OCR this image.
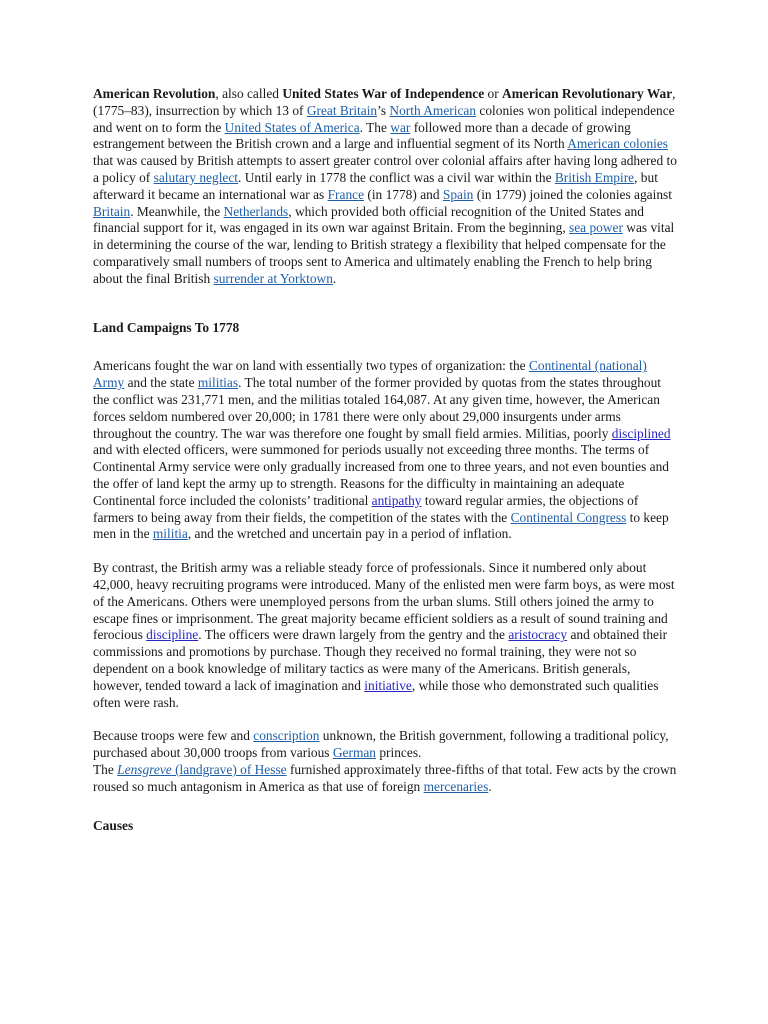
American Revolution, also called United States War of Independence or American Revolutionary War, (1775–83), insurrection by which 13 of Great Britain’s North American colonies won political independence and went on to form the United States of America. The war followed more than a decade of growing estrangement between the British crown and a large and influential segment of its North American colonies that was caused by British attempts to assert greater control over colonial affairs after having long adhered to a policy of salutary neglect. Until early in 1778 the conflict was a civil war within the British Empire, but afterward it became an international war as France (in 1778) and Spain (in 1779) joined the colonies against Britain. Meanwhile, the Netherlands, which provided both official recognition of the United States and financial support for it, was engaged in its own war against Britain. From the beginning, sea power was vital in determining the course of the war, lending to British strategy a flexibility that helped compensate for the comparatively small numbers of troops sent to America and ultimately enabling the French to help bring about the final British surrender at Yorktown.

Land Campaigns To 1778

Americans fought the war on land with essentially two types of organization: the Continental (national) Army and the state militias. The total number of the former provided by quotas from the states throughout the conflict was 231,771 men, and the militias totaled 164,087. At any given time, however, the American forces seldom numbered over 20,000; in 1781 there were only about 29,000 insurgents under arms throughout the country. The war was therefore one fought by small field armies. Militias, poorly disciplined and with elected officers, were summoned for periods usually not exceeding three months. The terms of Continental Army service were only gradually increased from one to three years, and not even bounties and the offer of land kept the army up to strength. Reasons for the difficulty in maintaining an adequate Continental force included the colonists’ traditional antipathy toward regular armies, the objections of farmers to being away from their fields, the competition of the states with the Continental Congress to keep men in the militia, and the wretched and uncertain pay in a period of inflation.

By contrast, the British army was a reliable steady force of professionals. Since it numbered only about 42,000, heavy recruiting programs were introduced. Many of the enlisted men were farm boys, as were most of the Americans. Others were unemployed persons from the urban slums. Still others joined the army to escape fines or imprisonment. The great majority became efficient soldiers as a result of sound training and ferocious discipline. The officers were drawn largely from the gentry and the aristocracy and obtained their commissions and promotions by purchase. Though they received no formal training, they were not so dependent on a book knowledge of military tactics as were many of the Americans. British generals, however, tended toward a lack of imagination and initiative, while those who demonstrated such qualities often were rash.

Because troops were few and conscription unknown, the British government, following a traditional policy, purchased about 30,000 troops from various German princes.
The Lensgreve (landgrave) of Hesse furnished approximately three-fifths of that total. Few acts by the crown roused so much antagonism in America as that use of foreign mercenaries.

Causes
